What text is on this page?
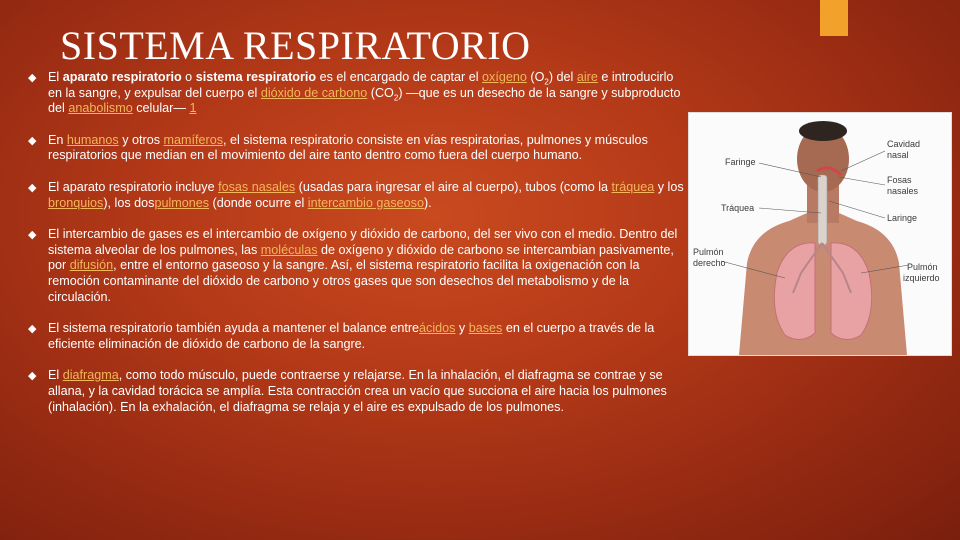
SISTEMA RESPIRATORIO
◆ El aparato respiratorio o sistema respiratorio es el encargado de captar el oxígeno $(O_2)$ del aire e introducirlo en la sangre, y expulsar del cuerpo el dióxido de carbono $(CO_2)$ —que es un desecho de la sangre y subproducto del anabolismo celular— 1
◆ En humanos y otros mamíferos, el sistema respiratorio consiste en vías respiratorias, pulmones y músculos respiratorios que median en el movimiento del aire tanto dentro como fuera del cuerpo humano.
◆ El aparato respiratorio incluye fosas nasales (usadas para ingresar el aire al cuerpo), tubos (como la tráquea y los bronquios), los dospulmones (donde ocurre el intercambio gaseoso).
◆ El intercambio de gases es el intercambio de oxígeno y dióxido de carbono, del ser vivo con el medio. Dentro del sistema alveolar de los pulmones, las moléculas de oxígeno y dióxido de carbono se intercambian pasivamente, por difusión, entre el entorno gaseoso y la sangre. Así, el sistema respiratorio facilita la oxigenación con la remoción contaminante del dióxido de carbono y otros gases que son desechos del metabolismo y de la circulación.
◆ El sistema respiratorio también ayuda a mantener el balance entreácidos y bases en el cuerpo a través de la eficiente eliminación de dióxido de carbono de la sangre.
◆ El diafragma, como todo músculo, puede contraerse y relajarse. En la inhalación, el diafragma se contrae y se allana, y la cavidad torácica se amplía. Esta contracción crea un vacío que succiona el aire hacia los pulmones (inhalación). En la exhalación, el diafragma se relaja y el aire es expulsado de los pulmones.
Cavidad
nasal
Faringe
Fosas
nasales
Tráquea
Laringe
Pulmón
derecho	Pulmón
izquierdo
